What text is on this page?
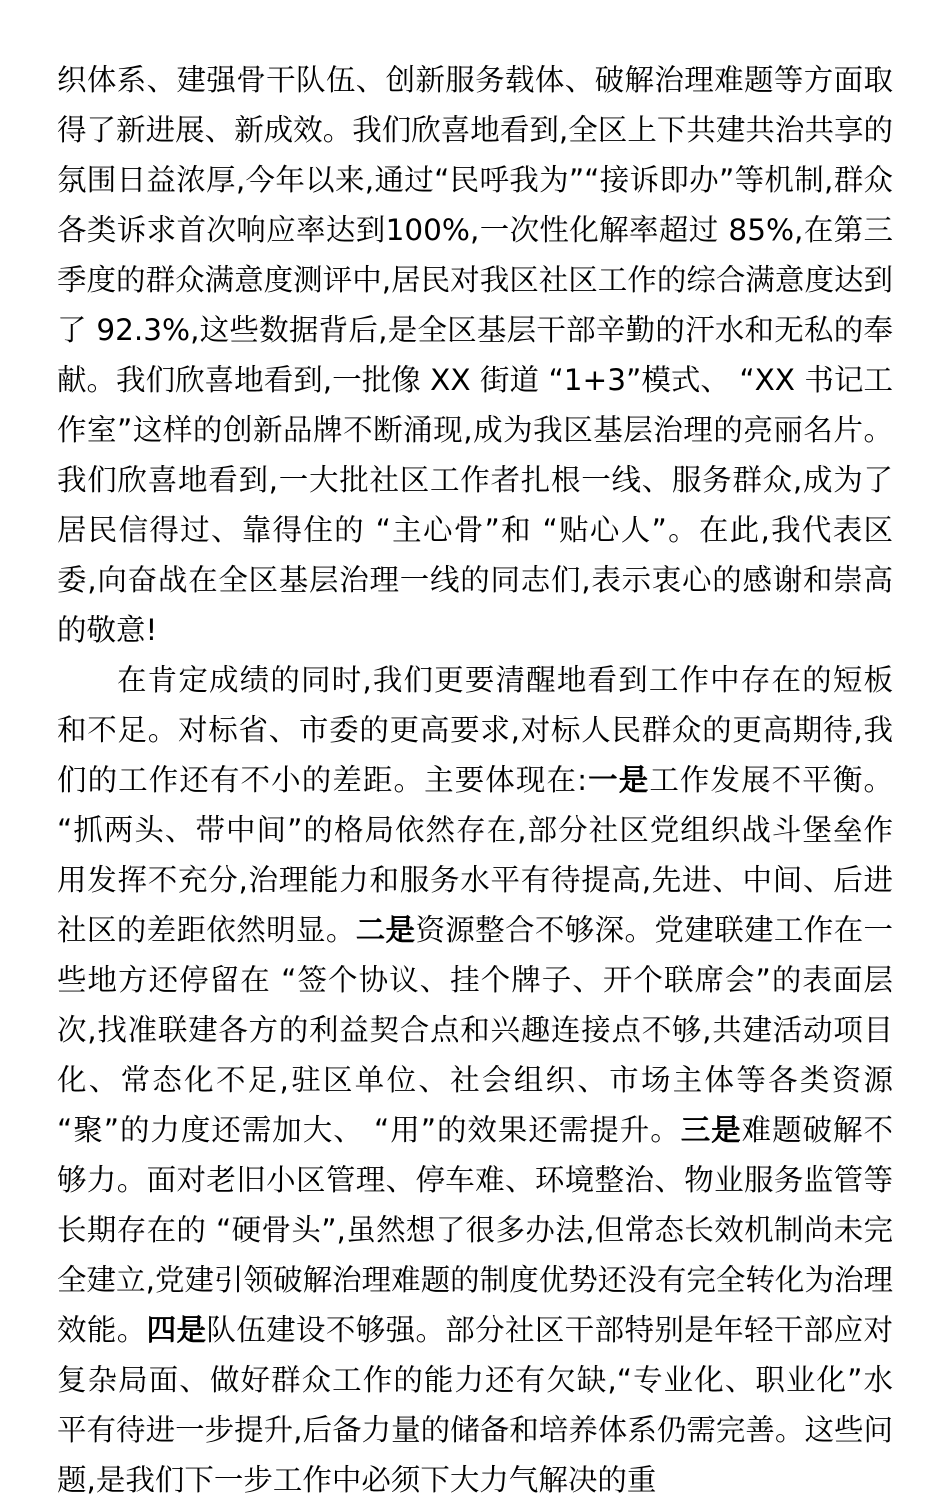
织体系、建强骨干队伍、创新服务载体、破解治理难题等方面取得了新进展、新成效。我们欣喜地看到,全区上下共建共治共享的氛围日益浓厚,今年以来,通过“民呼我为”“接诉即办”等机制,群众各类诉求首次响应率达到100%,一次性化解率超过 85%,在第三季度的群众满意度测评中,居民对我区社区工作的综合满意度达到了 92.3%,这些数据背后,是全区基层干部辛勤的汗水和无私的奉献。我们欣喜地看到,一批像 XX 街道 “1+3”模式、 “XX 书记工作室”这样的创新品牌不断涌现,成为我区基层治理的亮丽名片。我们欣喜地看到,一大批社区工作者扎根一线、服务群众,成为了居民信得过、靠得住的 “主心骨”和 “贴心人”。在此,我代表区委,向奋战在全区基层治理一线的同志们,表示衷心的感谢和崇高的敬意!

在肯定成绩的同时,我们更要清醒地看到工作中存在的短板和不足。对标省、市委的更高要求,对标人民群众的更高期待,我们的工作还有不小的差距。主要体现在:一是工作发展不平衡。 “抓两头、带中间”的格局依然存在,部分社区党组织战斗堡垒作用发挥不充分,治理能力和服务水平有待提高,先进、中间、后进社区的差距依然明显。二是资源整合不够深。党建联建工作在一些地方还停留在 “签个协议、挂个牌子、开个联席会”的表面层次,找准联建各方的利益契合点和兴趣连接点不够,共建活动项目化、常态化不足,驻区单位、社会组织、市场主体等各类资源 “聚”的力度还需加大、 “用”的效果还需提升。三是难题破解不够力。面对老旧小区管理、停车难、环境整治、物业服务监管等长期存在的 “硬骨头”,虽然想了很多办法,但常态长效机制尚未完全建立,党建引领破解治理难题的制度优势还没有完全转化为治理效能。四是队伍建设不够强。部分社区干部特别是年轻干部应对复杂局面、做好群众工作的能力还有欠缺,“专业化、职业化”水平有待进一步提升,后备力量的储备和培养体系仍需完善。这些问题,是我们下一步工作中必须下大力气解决的重
